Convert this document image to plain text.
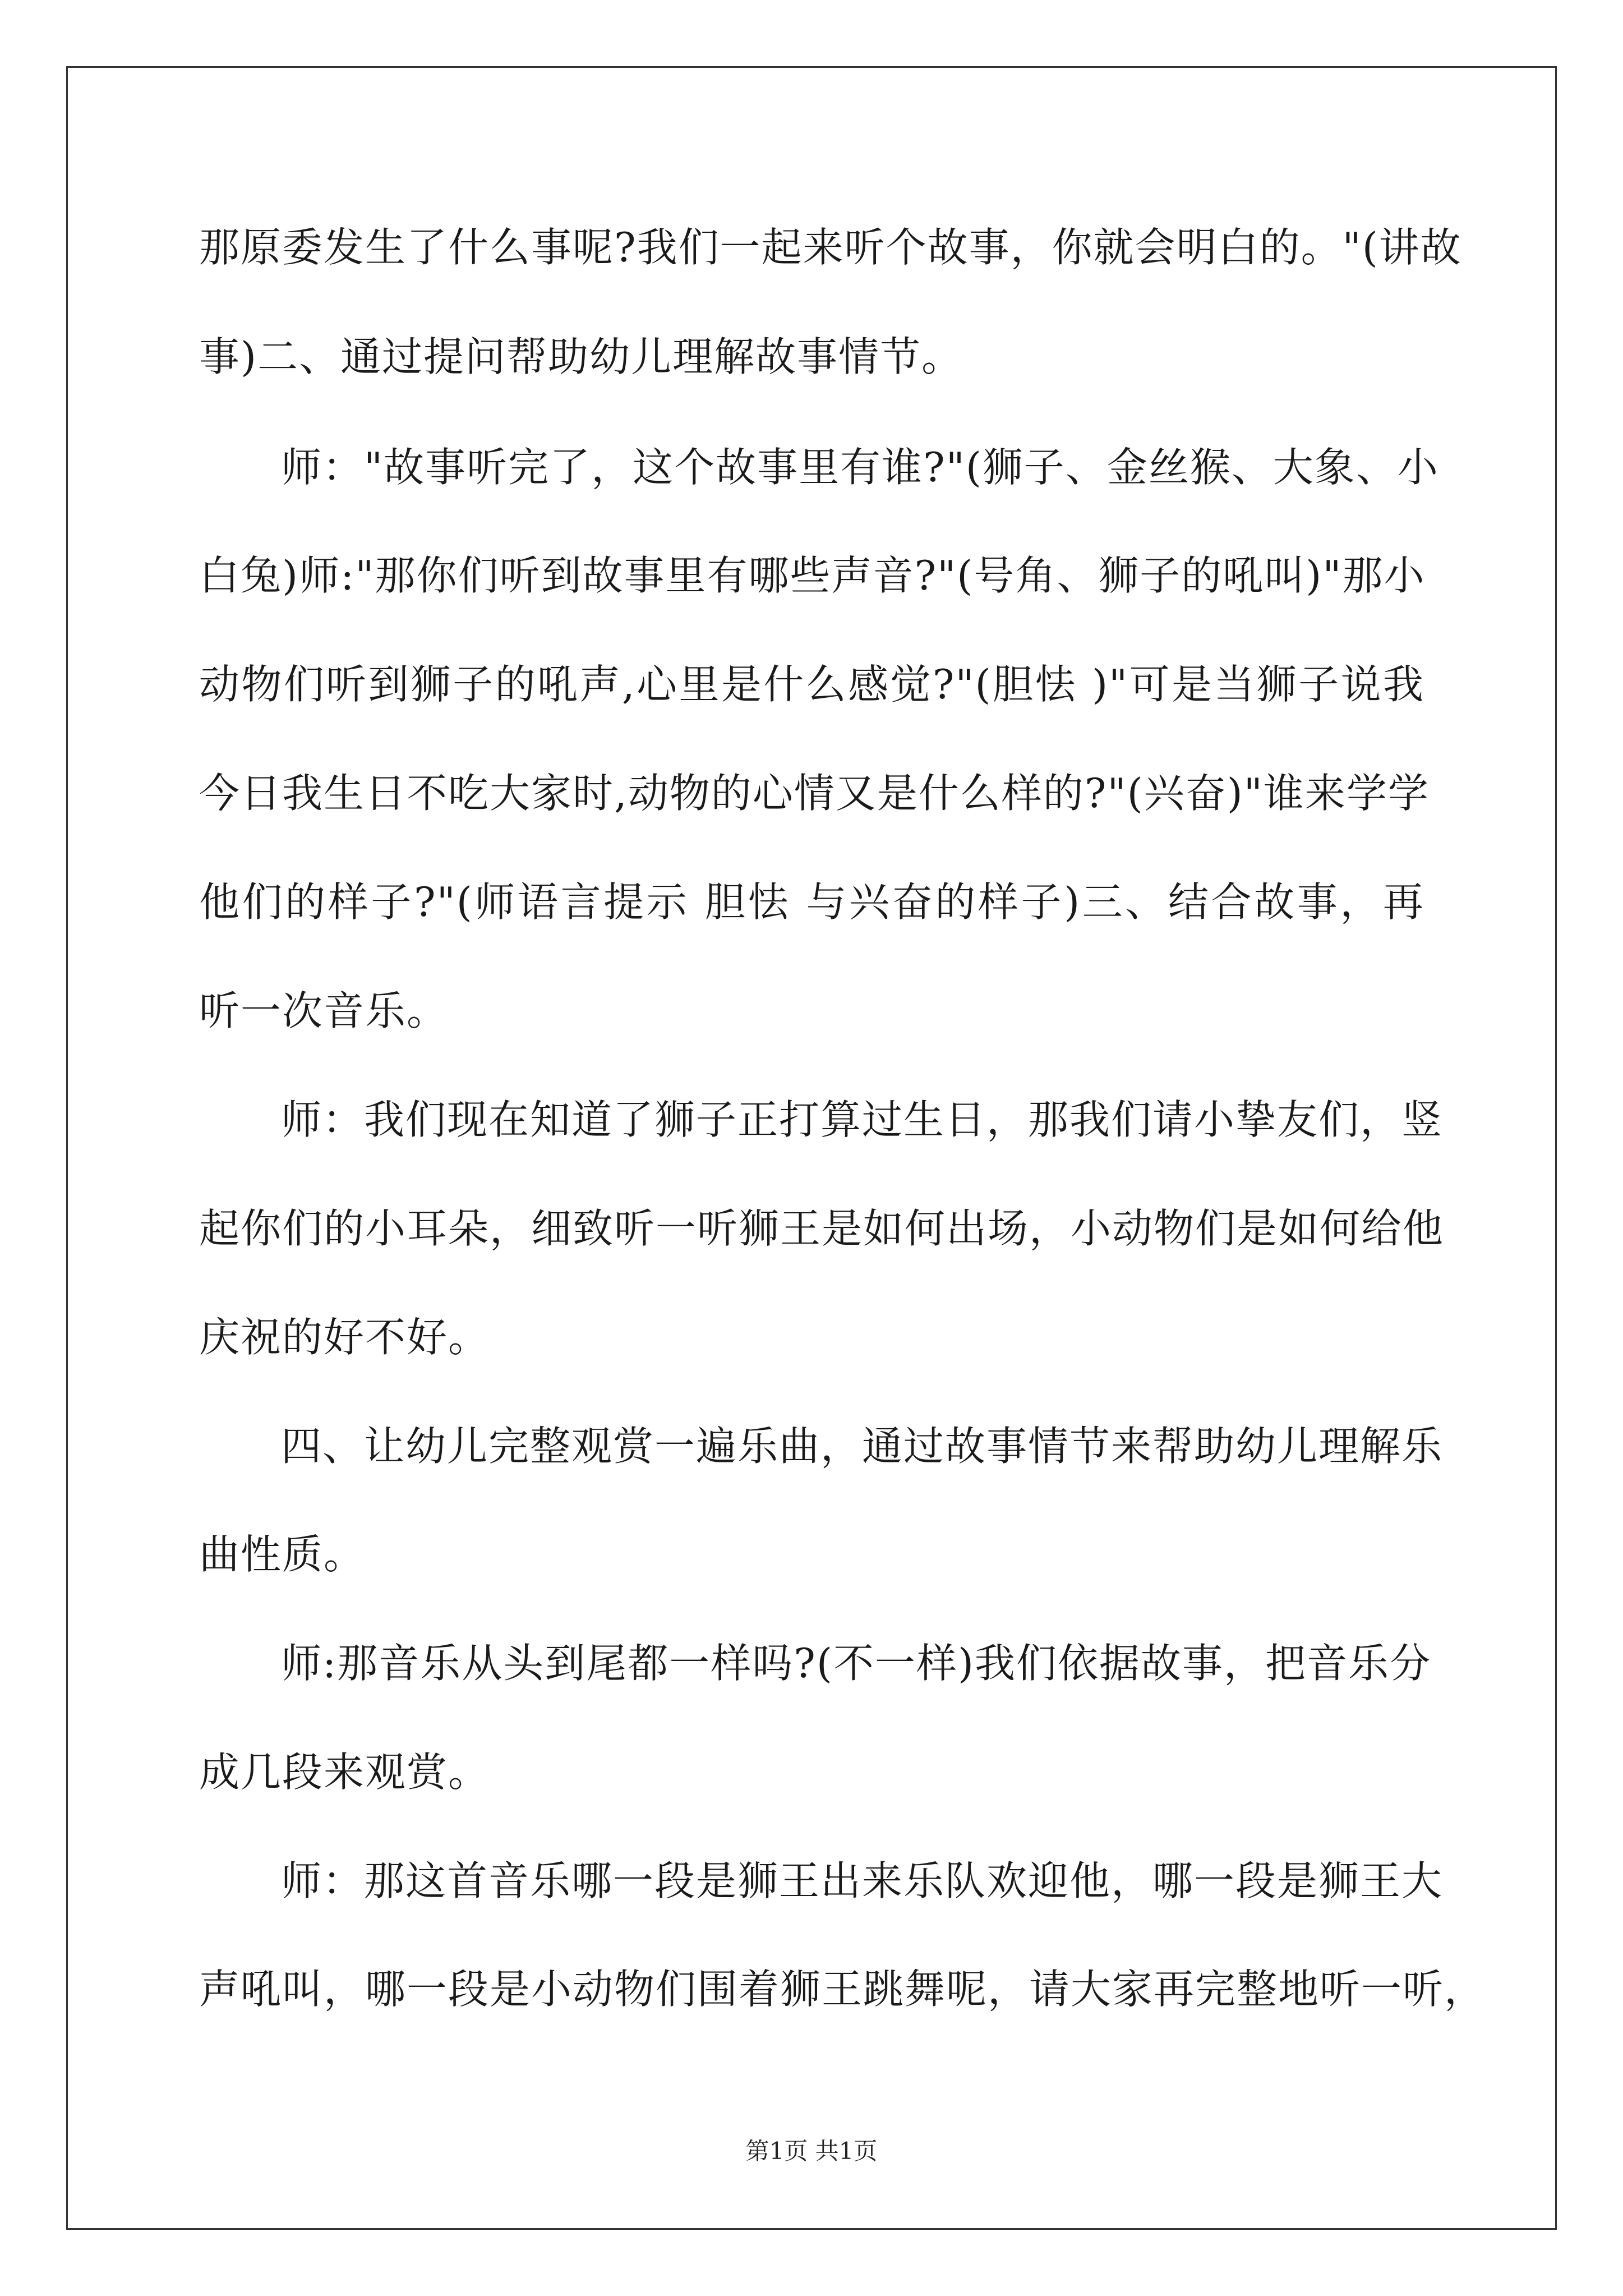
那原委发生了什么事呢?我们一起来听个故事，你就会明白的。"(讲故
事)二、通过提问帮助幼儿理解故事情节。
师："故事听完了，这个故事里有谁?"(狮子、金丝猴、大象、小
白兔)师:"那你们听到故事里有哪些声音?"(号角、狮子的吼叫)"那小
动物们听到狮子的吼声,心里是什么感觉?"(胆怯 )"可是当狮子说我
今日我生日不吃大家时,动物的心情又是什么样的?"(兴奋)"谁来学学
他们的样子?"(师语言提示 胆怯 与兴奋的样子)三、结合故事，再
听一次音乐。
师：我们现在知道了狮子正打算过生日，那我们请小挚友们，竖
起你们的小耳朵，细致听一听狮王是如何出场，小动物们是如何给他
庆祝的好不好。
四、让幼儿完整观赏一遍乐曲，通过故事情节来帮助幼儿理解乐
曲性质。
师:那音乐从头到尾都一样吗?(不一样)我们依据故事，把音乐分
成几段来观赏。
师：那这首音乐哪一段是狮王出来乐队欢迎他，哪一段是狮王大
声吼叫，哪一段是小动物们围着狮王跳舞呢，请大家再完整地听一听，
第1页 共1页
